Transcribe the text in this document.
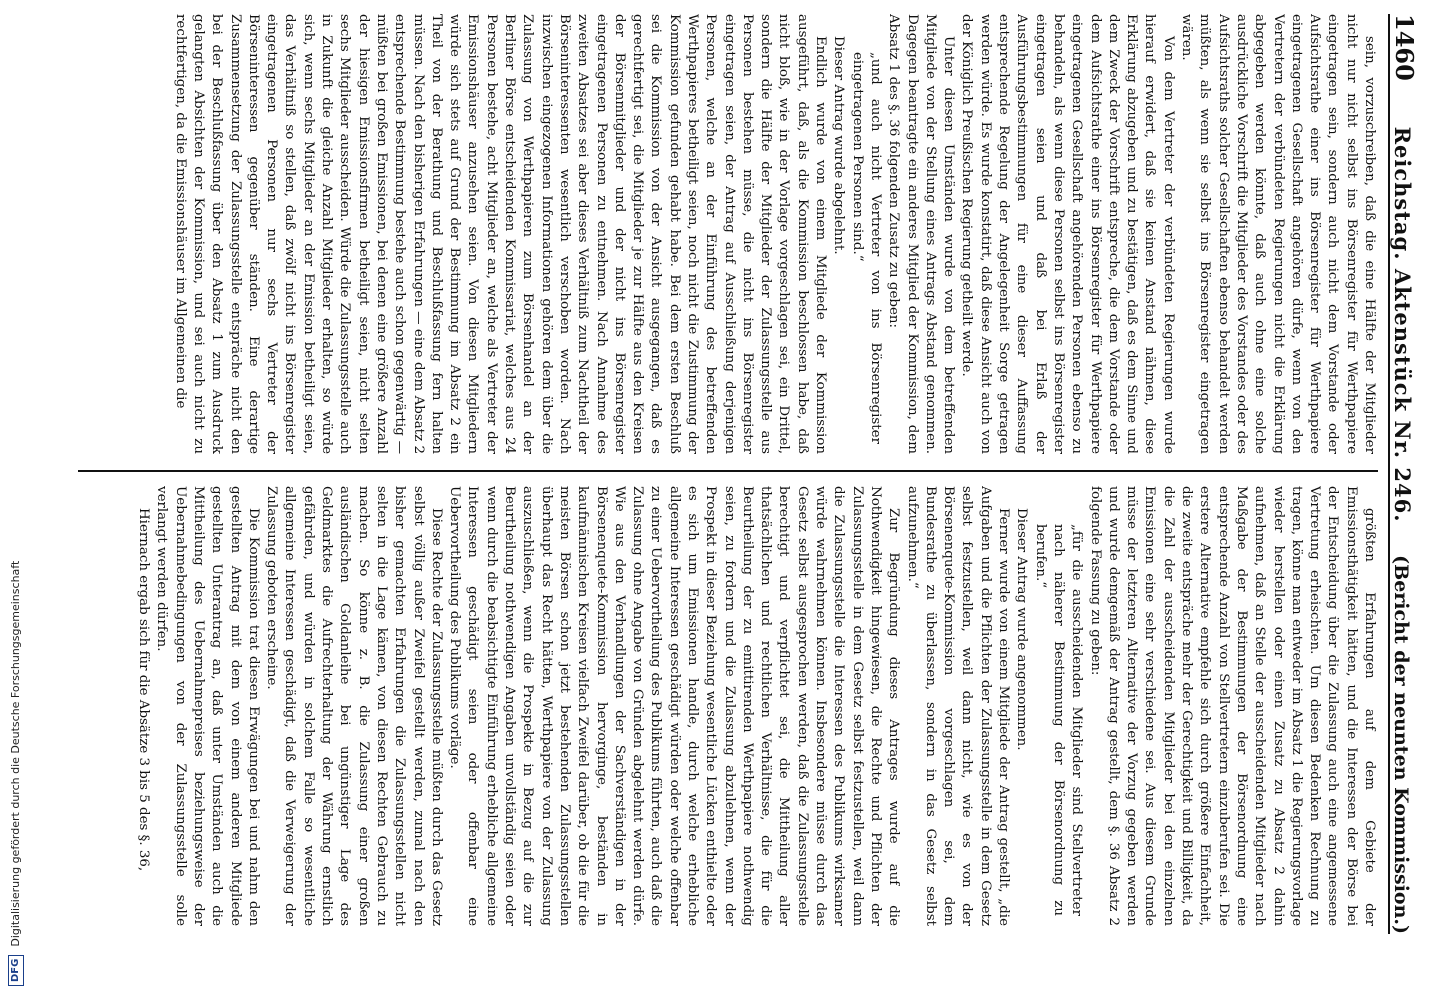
1460
Reichstag. Aktenstück Nr. 246.
(Bericht der neunten Kommission.)

sein, vorzuschreiben, daß die eine Hälfte der Mitglieder nicht nur nicht selbst ins Börsenregister für Werthpapiere eingetragen sein, sondern auch nicht dem Vorstande oder Aufsichtsrathe einer ins Börsenregister für Werthpapiere eingetragenen Gesellschaft angehören dürfe, wenn von den Vertretern der verbündeten Regierungen nicht die Erklärung abgegeben werden könnte, daß auch ohne eine solche ausdrückliche Vorschrift die Mitglieder des Vorstandes oder des Aufsichtsraths solcher Gesellschaften ebenso behandelt werden müßten, als wenn sie selbst ins Börsenregister eingetragen wären.

Von dem Vertreter der verbündeten Regierungen wurde hierauf erwidert, daß sie keinen Anstand nähmen, diese Erklärung abzugeben und zu bestätigen, daß es dem Sinne und dem Zweck der Vorschrift entspreche, die dem Vorstande oder dem Aufsichtsrathe einer ins Börsenregister für Werthpapiere eingetragenen Gesellschaft angehörenden Personen ebenso zu behandeln, als wenn diese Personen selbst ins Börsenregister eingetragen seien und daß bei Erlaß der Ausführungsbestimmungen für eine dieser Auffassung entsprechende Regelung der Angelegenheit Sorge getragen werden würde. Es wurde konstatirt, daß diese Ansicht auch von der Königlich Preußischen Regierung getheilt werde.

Unter diesen Umständen wurde von dem betreffenden Mitgliede von der Stellung eines Antrags Abstand genommen. Dagegen beantragte ein anderes Mitglied der Kommission, dem Absatz 1 des §. 36 folgenden Zusatz zu geben:

„und auch nicht Vertreter von ins Börsenregister eingetragenen Personen sind.“

Dieser Antrag wurde abgelehnt.

Endlich wurde von einem Mitgliede der Kommission ausgeführt, daß, als die Kommission beschlossen habe, daß nicht bloß, wie in der Vorlage vorgeschlagen sei, ein Drittel, sondern die Hälfte der Mitglieder der Zulassungsstelle aus Personen bestehen müsse, die nicht ins Börsenregister eingetragen seien, der Antrag auf Ausschließung derjenigen Personen, welche an der Einführung des betreffenden Werthpapieres betheiligt seien, noch nicht die Zustimmung der Kommission gefunden gehabt habe. Bei dem ersten Beschluß sei die Kommission von der Ansicht ausgegangen, daß es gerechtfertigt sei, die Mitglieder je zur Hälfte aus den Kreisen der Börsenmitglieder und der nicht ins Börsenregister eingetragenen Personen zu entnehmen. Nach Annahme des zweiten Absatzes sei aber dieses Verhältniß zum Nachtheil der Börseninteressenten wesentlich verschoben worden. Nach inzwischen eingezogenen Informationen gehören dem über die Zulassung von Werthpapieren zum Börsenhandel an der Berliner Börse entscheidenden Kommissariat, welches aus 24 Personen bestehe, acht Mitglieder an, welche als Vertreter der Emissionshäuser anzusehen seien. Von diesen Mitgliedern würde sich stets auf Grund der Bestimmung im Absatz 2 ein Theil von der Berathung und Beschlußfassung fern halten müssen. Nach den bisherigen Erfahrungen — eine dem Absatz 2 entsprechende Bestimmung bestehe auch schon gegenwärtig — müßten bei großen Emissionen, bei denen eine größere Anzahl der hiesigen Emissionsfirmen betheiligt seien, nicht selten sechs Mitglieder ausscheiden. Würde die Zulassungsstelle auch in Zukunft die gleiche Anzahl Mitglieder erhalten, so würde sich, wenn sechs Mitglieder an der Emission betheiligt seien, das Verhältniß so stellen, daß zwölf nicht ins Börsenregister eingetragenen Personen nur sechs Vertreter der Börseninteressen gegenüber ständen. Eine derartige Zusammensetzung der Zulassungsstelle entspräche nicht den bei der Beschlußfassung über den Absatz 1 zum Ausdruck gelangten Absichten der Kommission, und sei auch nicht zu rechtfertigen, da die Emissionshäuser im Allgemeinen die

größten Erfahrungen auf dem Gebiete der Emissionsthätigkeit hätten, und die Interessen der Börse bei der Entscheidung über die Zulassung auch eine angemessene Vertretung erheischten. Um diesen Bedenken Rechnung zu tragen, könne man entweder im Absatz 1 die Regierungsvorlage wieder herstellen oder einen Zusatz zu Absatz 2 dahin aufnehmen, daß an Stelle der ausscheidenden Mitglieder nach Maßgabe der Bestimmungen der Börsenordnung eine entsprechende Anzahl von Stellvertretern einzuberufen sei. Die erstere Alternative empfehle sich durch größere Einfachheit, die zweite entspräche mehr der Gerechtigkeit und Billigkeit, da die Zahl der ausscheidenden Mitglieder bei den einzelnen Emissionen eine sehr verschiedene sei. Aus diesem Grunde müsse der letzteren Alternative der Vorzug gegeben werden und wurde demgemäß der Antrag gestellt, dem §. 36 Absatz 2 folgende Fassung zu geben:

„für die ausscheidenden Mitglieder sind Stellvertreter nach näherer Bestimmung der Börsenordnung zu berufen.“

Dieser Antrag wurde angenommen.

Ferner wurde von einem Mitgliede der Antrag gestellt, „die Aufgaben und die Pflichten der Zulassungsstelle in dem Gesetz selbst festzustellen, weil dann nicht, wie es von der Börsenenquete-Kommission vorgeschlagen sei, dem Bundesrathe zu überlassen, sondern in das Gesetz selbst aufzunehmen.“

Zur Begründung dieses Antrages wurde auf die Nothwendigkeit hingewiesen, die Rechte und Pflichten der Zulassungsstelle in dem Gesetz selbst festzustellen, weil dann die Zulassungsstelle die Interessen des Publikums wirksamer würde wahrnehmen können. Insbesondere müsse durch das Gesetz selbst ausgesprochen werden, daß die Zulassungsstelle berechtigt und verpflichtet sei, die Mittheilung aller thatsächlichen und rechtlichen Verhältnisse, die für die Beurtheilung der zu emittirenden Werthpapiere nothwendig seien, zu fordern und die Zulassung abzulehnen, wenn der Prospekt in dieser Beziehung wesentliche Lücken enthielte oder es sich um Emissionen handle, durch welche erhebliche allgemeine Interessen geschädigt würden oder welche offenbar zu einer Uebervortheilung des Publikums führten, auch daß die Zulassung ohne Angabe von Gründen abgelehnt werden dürfe. Wie aus den Verhandlungen der Sachverständigen in der Börsenenquete-Kommission hervorginge, beständen in kaufmännischen Kreisen vielfach Zweifel darüber, ob die für die meisten Börsen schon jetzt bestehenden Zulassungsstellen überhaupt das Recht hätten, Werthpapiere von der Zulassung auszuschließen, wenn die Prospekte in Bezug auf die zur Beurtheilung nothwendigen Angaben unvollständig seien oder wenn durch die beabsichtigte Einführung erhebliche allgemeine Interessen geschädigt seien oder offenbar eine Uebervortheilung des Publikums vorläge.

Diese Rechte der Zulassungsstelle müßten durch das Gesetz selbst völlig außer Zweifel gestellt werden, zumal nach den bisher gemachten Erfahrungen die Zulassungsstellen nicht selten in die Lage kämen, von diesen Rechten Gebrauch zu machen. So könne z. B. die Zulassung einer großen ausländischen Goldanleihe bei ungünstiger Lage des Geldmarktes die Aufrechterhaltung der Währung ernstlich gefährden, und würden in solchem Falle so wesentliche allgemeine Interessen geschädigt, daß die Verweigerung der Zulassung geboten erscheine.

Die Kommission trat diesen Erwägungen bei und nahm den gestellten Antrag mit dem von einem anderen Mitgliede gestellten Unterantrag an, daß unter Umständen auch die Mittheilung des Uebernahmepreises beziehungsweise der Uebernahmebedingungen von der Zulassungsstelle solle verlangt werden dürfen.

Hiernach ergab sich für die Absätze 3 bis 5 des §. 36,

DFG
Digitalisierung gefördert durch die Deutsche Forschungsgemeinschaft
